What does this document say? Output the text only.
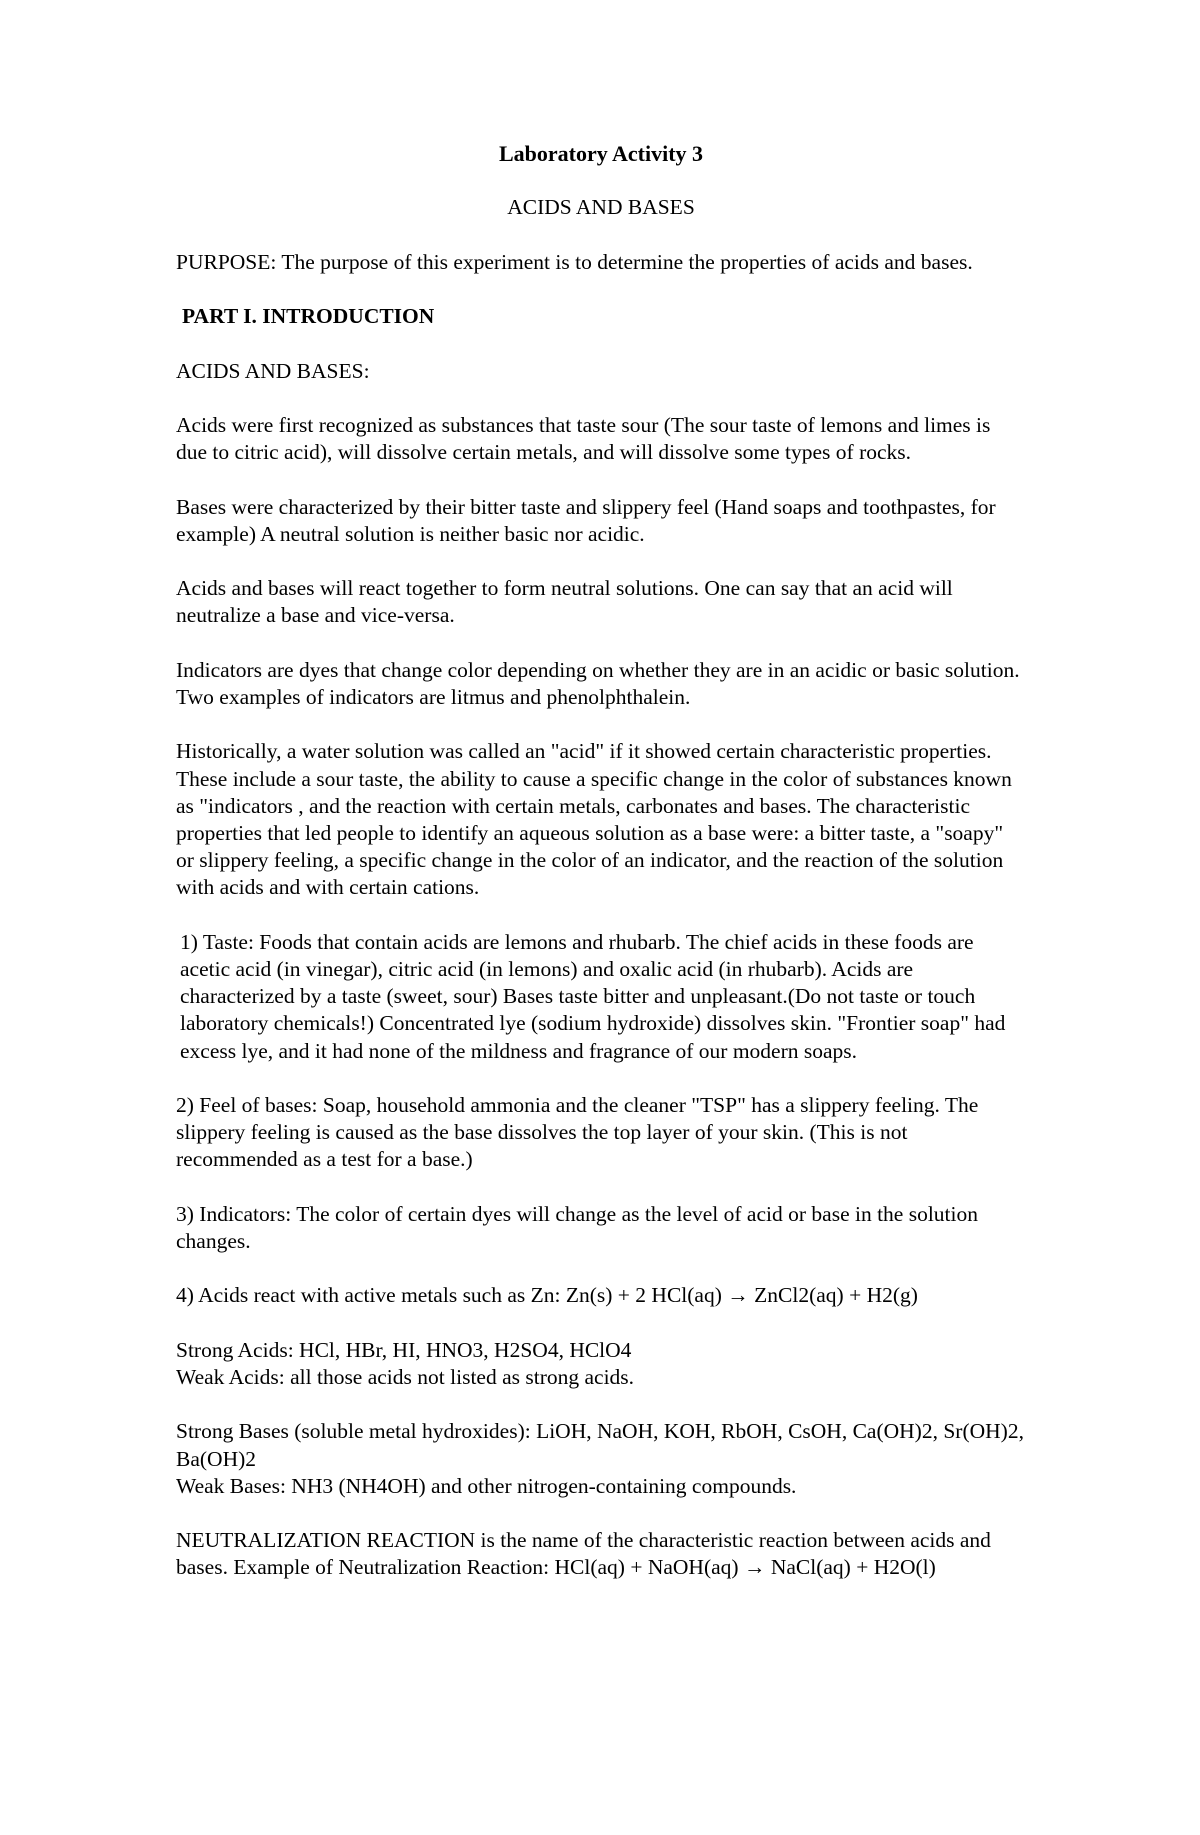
Laboratory Activity 3

ACIDS AND BASES

PURPOSE: The purpose of this experiment is to determine the properties of acids and bases.

PART I. INTRODUCTION

ACIDS AND BASES:

Acids were first recognized as substances that taste sour (The sour taste of lemons and limes is due to citric acid), will dissolve certain metals, and will dissolve some types of rocks.

Bases were characterized by their bitter taste and slippery feel (Hand soaps and toothpastes, for example) A neutral solution is neither basic nor acidic.

Acids and bases will react together to form neutral solutions. One can say that an acid will neutralize a base and vice-versa.

Indicators are dyes that change color depending on whether they are in an acidic or basic solution. Two examples of indicators are litmus and phenolphthalein.

Historically, a water solution was called an "acid" if it showed certain characteristic properties. These include a sour taste, the ability to cause a specific change in the color of substances known as "indicators , and the reaction with certain metals, carbonates and bases. The characteristic properties that led people to identify an aqueous solution as a base were: a bitter taste, a "soapy" or slippery feeling, a specific change in the color of an indicator, and the reaction of the solution with acids and with certain cations.

1) Taste: Foods that contain acids are lemons and rhubarb. The chief acids in these foods are acetic acid (in vinegar), citric acid (in lemons) and oxalic acid (in rhubarb). Acids are characterized by a taste (sweet, sour) Bases taste bitter and unpleasant.(Do not taste or touch laboratory chemicals!) Concentrated lye (sodium hydroxide) dissolves skin. "Frontier soap" had excess lye, and it had none of the mildness and fragrance of our modern soaps.

2) Feel of bases: Soap, household ammonia and the cleaner "TSP" has a slippery feeling. The slippery feeling is caused as the base dissolves the top layer of your skin. (This is not recommended as a test for a base.)

3) Indicators: The color of certain dyes will change as the level of acid or base in the solution changes.

4) Acids react with active metals such as Zn: Zn(s) + 2 HCl(aq) → ZnCl2(aq) + H2(g)

Strong Acids: HCl, HBr, HI, HNO3, H2SO4, HClO4

Weak Acids: all those acids not listed as strong acids.

Strong Bases (soluble metal hydroxides): LiOH, NaOH, KOH, RbOH, CsOH, Ca(OH)2, Sr(OH)2, Ba(OH)2

Weak Bases: NH3 (NH4OH) and other nitrogen-containing compounds.

NEUTRALIZATION REACTION is the name of the characteristic reaction between acids and bases. Example of Neutralization Reaction: HCl(aq) + NaOH(aq) → NaCl(aq) + H2O(l)
